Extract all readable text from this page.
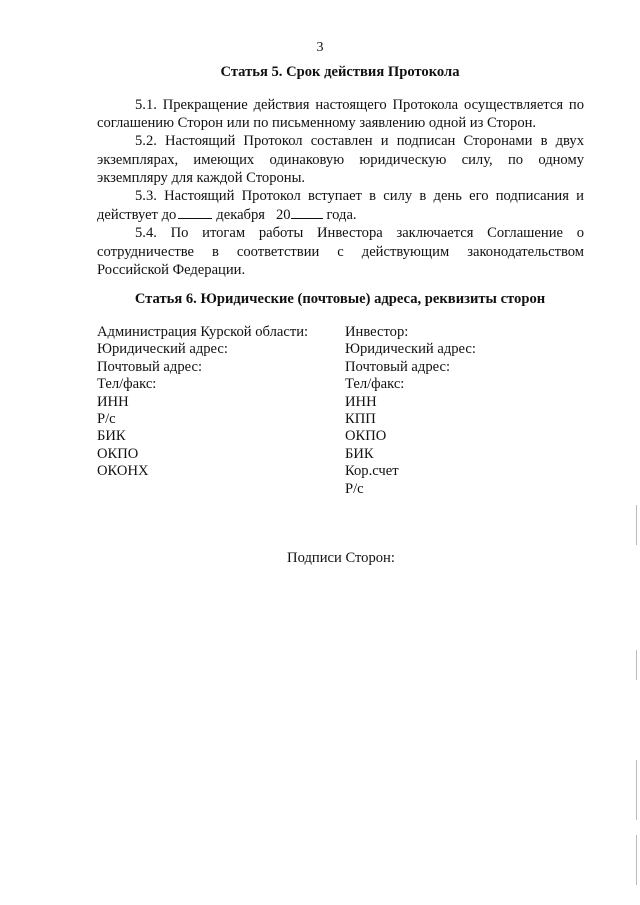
3
Статья 5. Срок действия Протокола

5.1. Прекращение действия настоящего Протокола осуществляется по соглашению Сторон или по письменному заявлению одной из Сторон.

5.2. Настоящий Протокол составлен и подписан Сторонами в двух экземплярах, имеющих одинаковую юридическую силу, по одному экземпляру для каждой Стороны.

5.3. Настоящий Протокол вступает в силу в день его подписания и действует до	декабря 20 года.

5.4. По итогам работы Инвестора заключается Соглашение о сотрудничестве в соответствии с действующим законодательством Российской Федерации.

Статья 6. Юридические (почтовые) адреса, реквизиты сторон
Администрация Курской области:
Юридический адрес:
Почтовый адрес:
Тел/факс:
ИНН
Р/с
БИК
ОКПО
ОКОНХ
Инвестор:
Юридический адрес:
Почтовый адрес:
Тел/факс:
ИНН
КПП
ОКПО
БИК
Кор.счет
Р/с
Подписи Сторон:
